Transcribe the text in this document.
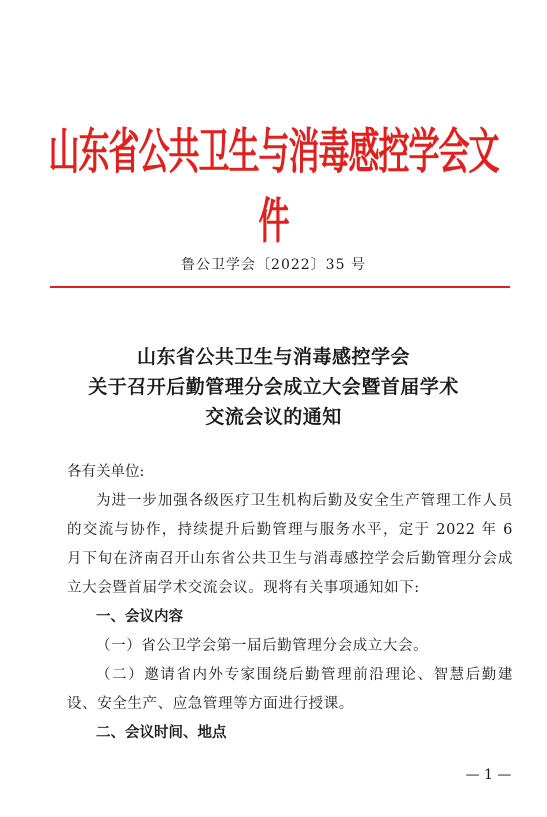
山东省公共卫生与消毒感控学会文件
鲁公卫学会〔2022〕35 号
山东省公共卫生与消毒感控学会
关于召开后勤管理分会成立大会暨首届学术
交流会议的通知

各有关单位:

为进一步加强各级医疗卫生机构后勤及安全生产管理工作人员的交流与协作，持续提升后勤管理与服务水平，定于 2022 年 6 月下旬在济南召开山东省公共卫生与消毒感控学会后勤管理分会成立大会暨首届学术交流会议。现将有关事项通知如下:

一、会议内容

（一）省公卫学会第一届后勤管理分会成立大会。

（二）邀请省内外专家围绕后勤管理前沿理论、智慧后勤建设、安全生产、应急管理等方面进行授课。

二、会议时间、地点

— 1 —
